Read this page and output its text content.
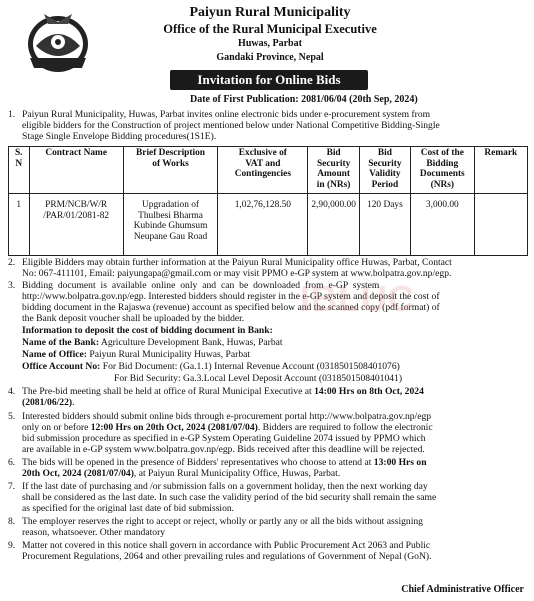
Paiyun Rural Municipality
Office of the Rural Municipal Executive
Huwas, Parbat
Gandaki Province, Nepal
Invitation for Online Bids
Date of First Publication: 2081/06/04 (20th Sep, 2024)
1. Paiyun Rural Municipality, Huwas, Parbat invites online electronic bids under e-procurement system from
eligible bidders for the Construction of project mentioned below under National Competitive Bidding-Single
Stage Single Envelope Bidding procedures(1S1E).
S.
N	Contract Name	Brief Description
of Works	Exclusive of
VAT and
Contingencies	Bid
Security
Amount
in (NRs)	Bid
Security
Validity
Period	Cost of the
Bidding
Documents
(NRs)	Remark
1	PRM/NCB/W/R
/PAR/01/2081-82	Upgradation of
Thulbesi Bharma
Kubinde Ghumsum
Neupane Gau Road	1,02,76,128.50	2,90,000.00	120 Days	3,000.00	
2. Eligible Bidders may obtain further information at the Paiyun Rural Municipality office Huwas, Parbat, Contact
No: 067-411101, Email: paiyungapa@gmail.com or may visit PPMO e-GP system at www.bolpatra.gov.np/egp.
3. Bidding document is available online only and can be downloaded from e-GP system
http://www.bolpatra.gov.np/egp. Interested bidders should register in the e-GP system and deposit the cost of
bidding document in the Rajaswa (revenue) account as specified below and the scanned copy (pdf format) of
the Bank deposit voucher shall be uploaded by the bidder.
Information to deposit the cost of bidding document in Bank:
Name of the Bank: Agriculture Development Bank, Huwas, Parbat
Name of Office: Paiyun Rural Municipality Huwas, Parbat
Office Account No: For Bid Document: (Ga.1.1) Internal Revenue Account (03185015084010​76)
For Bid Security: Ga.3.Local Level Deposit Account (0318501508401041)
4. The Pre-bid meeting shall be held at office of Rural Municipal Executive at 14:00 Hrs on 8th Oct, 2024
(2081/06/22).
5. Interested bidders should submit online bids through e-procurement portal http://www.bolpatra.gov.np/egp
only on or before 12:00 Hrs on 20th Oct, 2024 (2081/07/04). Bidders are required to follow the electronic
bid submission procedure as specified in e-GP System Operating Guideline 2074 issued by PPMO which
are available in e-GP system www.bolpatra.gov.np/egp. Bids received after this deadline will be rejected.
6. The bids will be opened in the presence of Bidders' representatives who choose to attend at 13:00 Hrs on
20th Oct, 2024 (2081/07/04), at Paiyun Rural Municipality Office, Huwas, Parbat.
7. If the last date of purchasing and /or submission falls on a government holiday, then the next working day
shall be considered as the last date. In such case the validity period of the bid security shall remain the same
as specified for the original last date of bid submission.
8. The employer reserves the right to accept or reject, wholly or partly any or all the bids without assigning
reason, whatsoever. Other mandatory
9. Matter not covered in this notice shall govern in accordance with Public Procurement Act 2063 and Public
Procurement Regulations, 2064 and other prevailing rules and regulations of Government of Nepal (GoN).
IBLUC
Chief Administrative Officer
